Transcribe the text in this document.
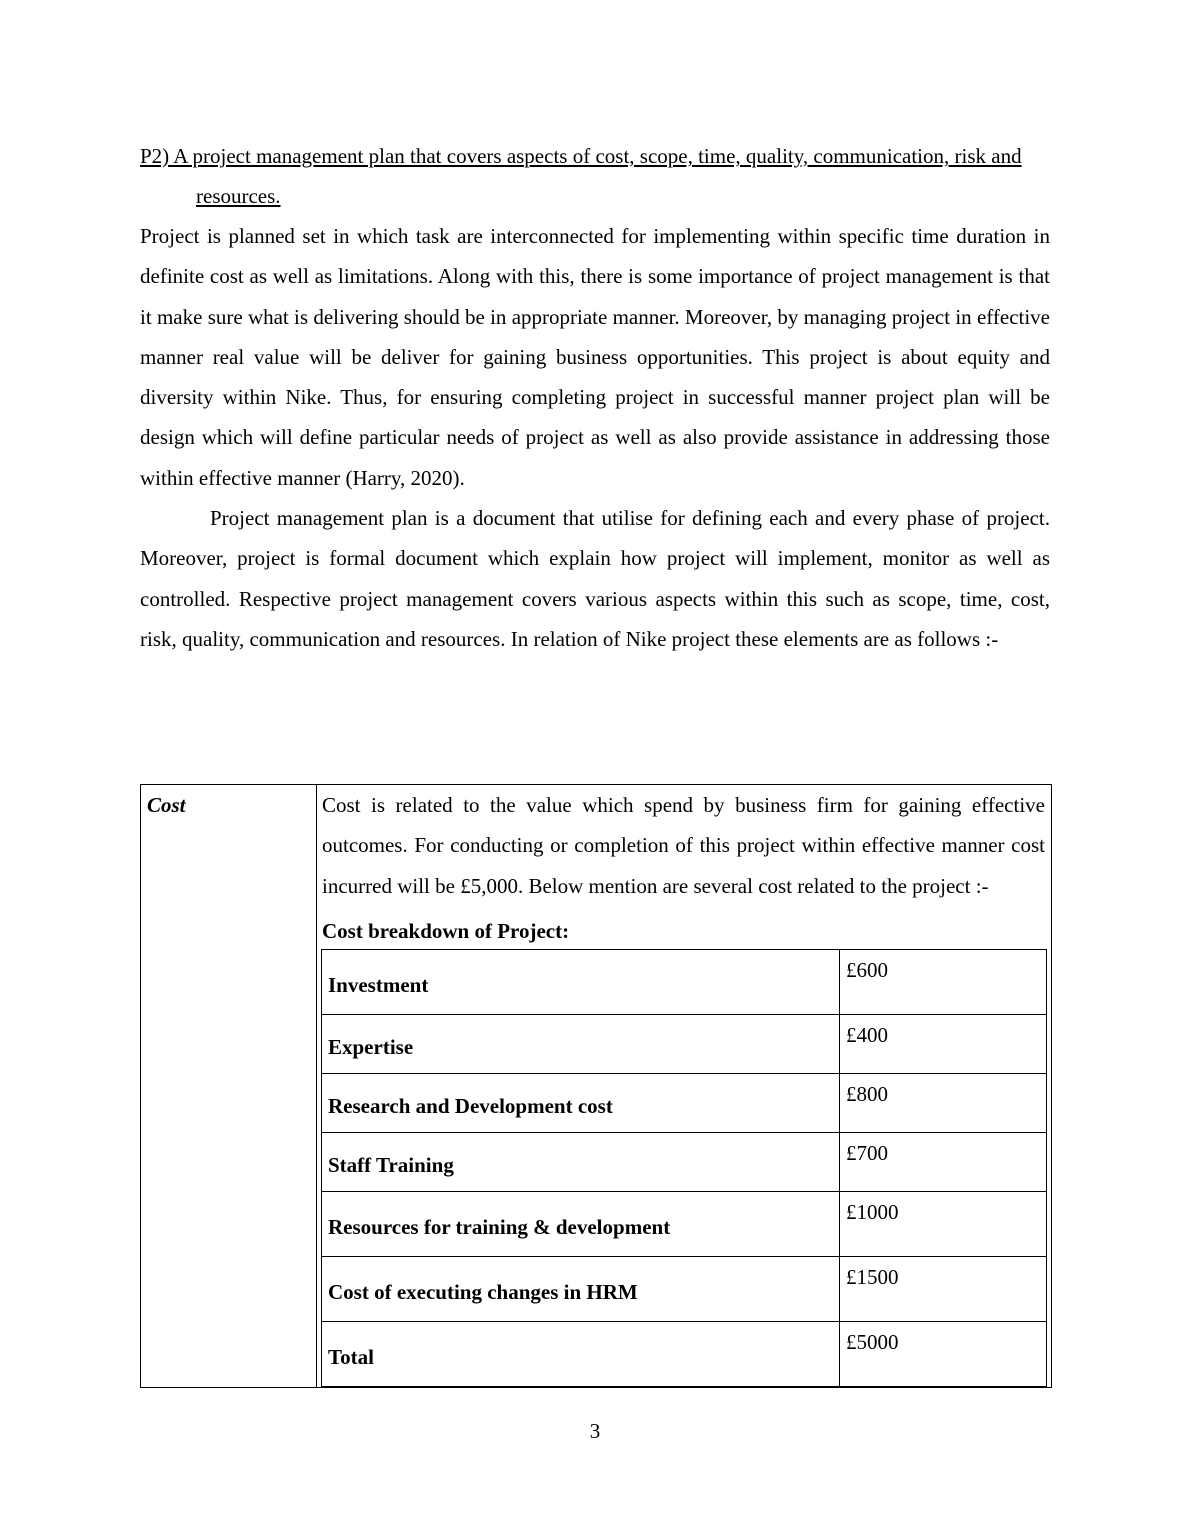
P2) A project management plan that covers aspects of cost, scope, time, quality, communication, risk and resources.

Project is planned set in which task are interconnected for implementing within specific time duration in definite cost as well as limitations. Along with this, there is some importance of project management is that it make sure what is delivering should be in appropriate manner. Moreover, by managing project in effective manner real value will be deliver for gaining business opportunities. This project is about equity and diversity within Nike. Thus, for ensuring completing project in successful manner project plan will be design which will define particular needs of project as well as also provide assistance in addressing those within effective manner (Harry, 2020).

Project management plan is a document that utilise for defining each and every phase of project. Moreover, project is formal document which explain how project will implement, monitor as well as controlled. Respective project management covers various aspects within this such as scope, time, cost, risk, quality, communication and resources. In relation of Nike project these elements are as follows :-

Cost	Cost is related to the value which spend by business firm for gaining effective outcomes. For conducting or completion of this project within effective manner cost incurred will be £5,000. Below mention are several cost related to the project :-

Cost breakdown of Project:
Investment	£600
Expertise	£400
Research and Development cost	£800
Staff Training	£700
Resources for training & development	£1000
Cost of executing changes in HRM	£1500
Total	£5000
3
